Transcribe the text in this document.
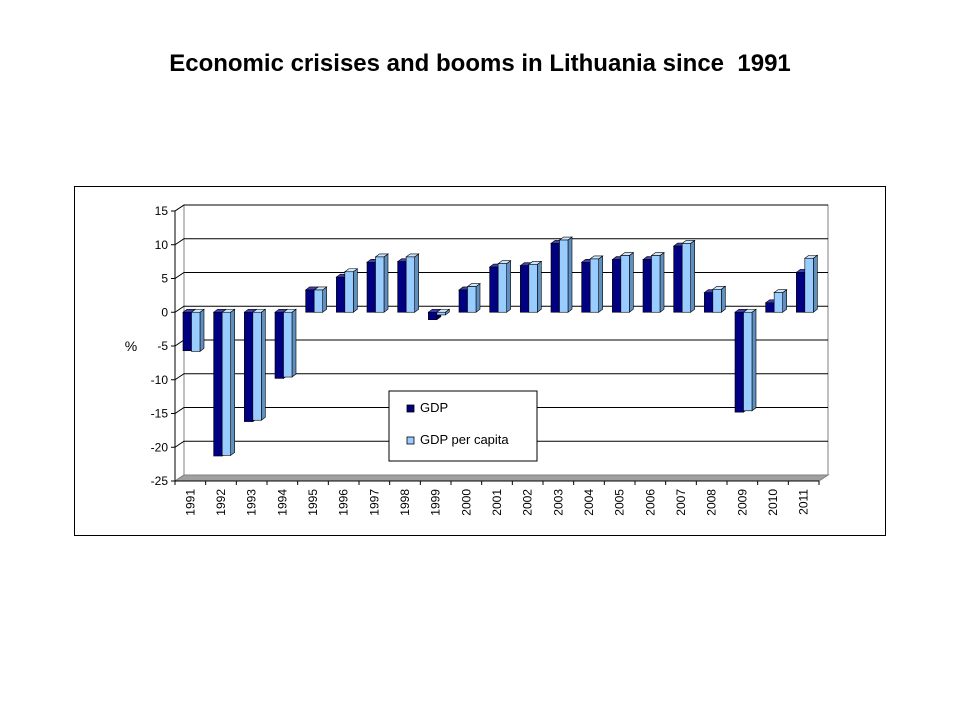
Economic crisises and booms in Lithuania since  1991
15
10
5
0
-5
-10
-15
-20
-25
%
1991 1992 1993 1994 1995 1996 1997 1998 1999 2000 2001 2002 2003 2004 2005 2006 2007 2008 2009 2010 2011
GDP
GDP per capita
